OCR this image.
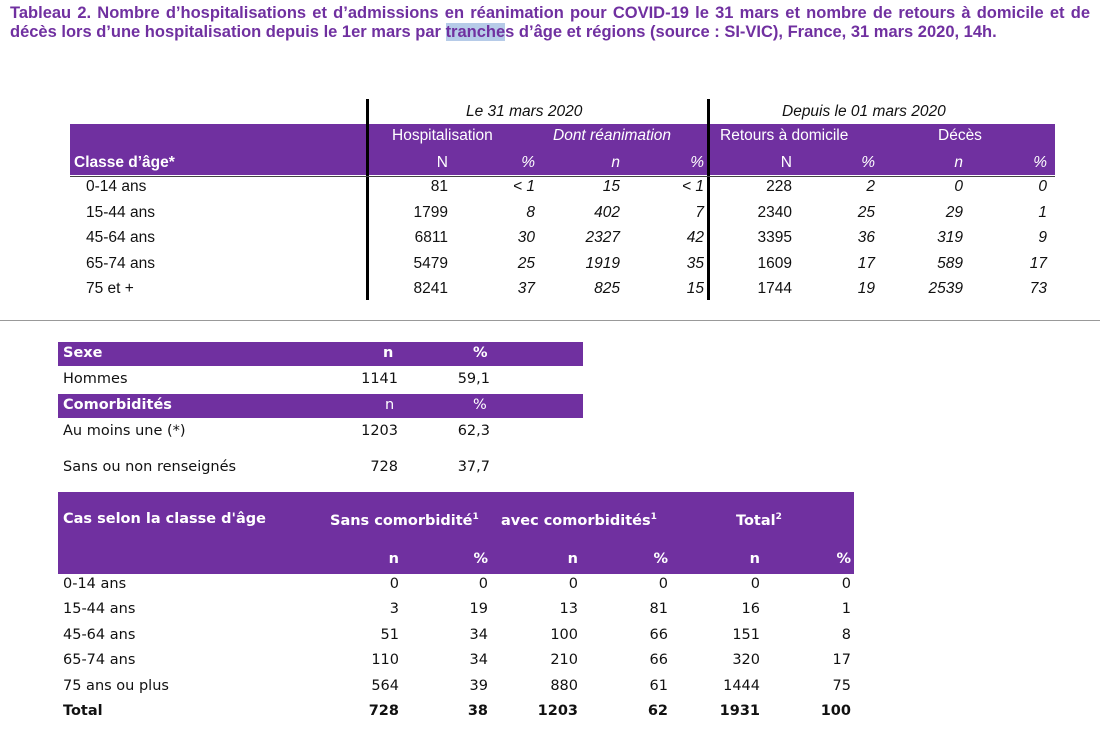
Tableau 2. Nombre d’hospitalisations et d’admissions en réanimation pour COVID-19 le 31 mars et nombre de retours à domicile et de décès lors d’une hospitalisation depuis le 1er mars par tranches d’âge et régions (source : SI-VIC), France, 31 mars 2020, 14h.

Le 31 mars 2020	Depuis le 01 mars 2020
Hospitalisation	Dont réanimation	Retours à domicile	Décès
Classe d’âge*	N	%	n	%	N	%	n	%
0-14 ans	81	< 1	15	< 1	228	2	0	0
15-44 ans	1799	8	402	7	2340	25	29	1
45-64 ans	6811	30	2327	42	3395	36	319	9
65-74 ans	5479	25	1919	35	1609	17	589	17
75 et +	8241	37	825	15	1744	19	2539	73
Sexe	n	%
Hommes	1141	59,1
Comorbidités	n	%
Au moins une (*)	1203	62,3
Sans ou non renseignés	728	37,7
Cas selon la classe d'âge	Sans comorbidité$^1$ avec comorbidités$^1$	Total$^2$
n	%	n	%	n	%
0-14 ans	0	0	0	0	0	0
15-44 ans	3	19	13	81	16	1
45-64 ans	51	34	100	66	151	8
65-74 ans	110	34	210	66	320	17
75 ans ou plus	564	39	880	61	1444	75
Total	728	38	1203	62	1931	100
